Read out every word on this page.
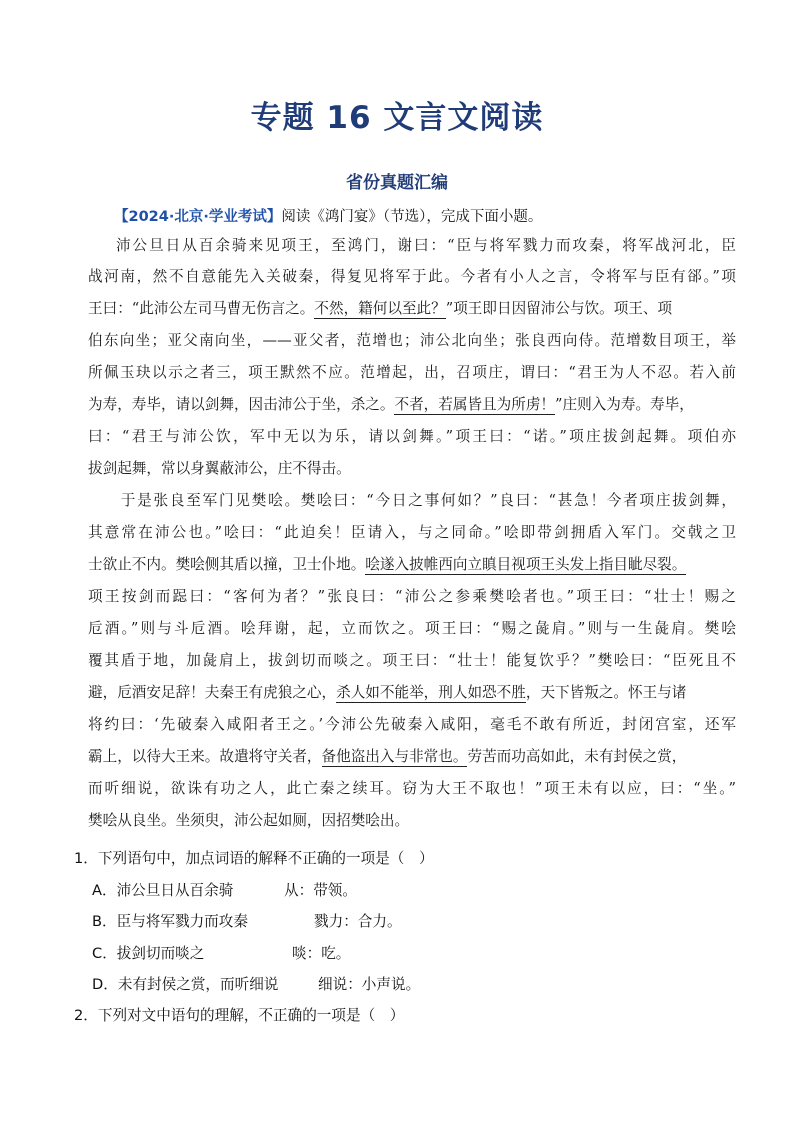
专题 16 文言文阅读
省份真题汇编
【2024·北京·学业考试】阅读《鸿门宴》（节选），完成下面小题。
沛公旦日从百余骑来见项王，至鸿门，谢曰：“臣与将军戮力而攻秦，将军战河北，臣
战河南，然不自意能先入关破秦，得复见将军于此。今者有小人之言，令将军与臣有郤。”项
王曰：“此沛公左司马曹无伤言之。不然，籍何以至此？”项王即日因留沛公与饮。项王、项
伯东向坐；亚父南向坐，——亚父者，范增也；沛公北向坐；张良西向侍。范增数目项王，举
所佩玉玦以示之者三，项王默然不应。范增起，出，召项庄，谓曰：“君王为人不忍。若入前
为寿，寿毕，请以剑舞，因击沛公于坐，杀之。不者，若属皆且为所虏！”庄则入为寿。寿毕，
曰：“君王与沛公饮，军中无以为乐，请以剑舞。”项王曰：“诺。”项庄拔剑起舞。项伯亦
拔剑起舞，常以身翼蔽沛公，庄不得击。
　　于是张良至军门见樊哙。樊哙曰：“今日之事何如？”良曰：“甚急！今者项庄拔剑舞，
其意常在沛公也。”哙曰：“此迫矣！臣请入，与之同命。”哙即带剑拥盾入军门。交戟之卫
士欲止不内。樊哙侧其盾以撞，卫士仆地。哙遂入披帷西向立瞋目视项王头发上指目眦尽裂。
项王按剑而跽曰：“客何为者？”张良曰：“沛公之参乘樊哙者也。”项王曰：“壮士！赐之
卮酒。”则与斗卮酒。哙拜谢，起，立而饮之。项王曰：“赐之彘肩。”则与一生彘肩。樊哙
覆其盾于地，加彘肩上，拔剑切而啖之。项王曰：“壮士！能复饮乎？”樊哙曰：“臣死且不
避，卮酒安足辞！夫秦王有虎狼之心，杀人如不能举，刑人如恐不胜，天下皆叛之。怀王与诸
将约曰：‘先破秦入咸阳者王之。’今沛公先破秦入咸阳，毫毛不敢有所近，封闭宫室，还军
霸上，以待大王来。故遣将守关者，备他盗出入与非常也。劳苦而功高如此，未有封侯之赏，
而听细说，欲诛有功之人，此亡秦之续耳。窃为大王不取也！”项王未有以应，曰：“坐。”
樊哙从良坐。坐须臾，沛公起如厕，因招樊哙出。
1．下列语句中，加点词语的解释不正确的一项是（　）
A．沛公旦日从百余骑	从：带领。
B．臣与将军戮力而攻秦	戮力：合力。
C．拔剑切而啖之	啖：吃。
D．未有封侯之赏，而听细说	细说：小声说。
2．下列对文中语句的理解，不正确的一项是（　）
